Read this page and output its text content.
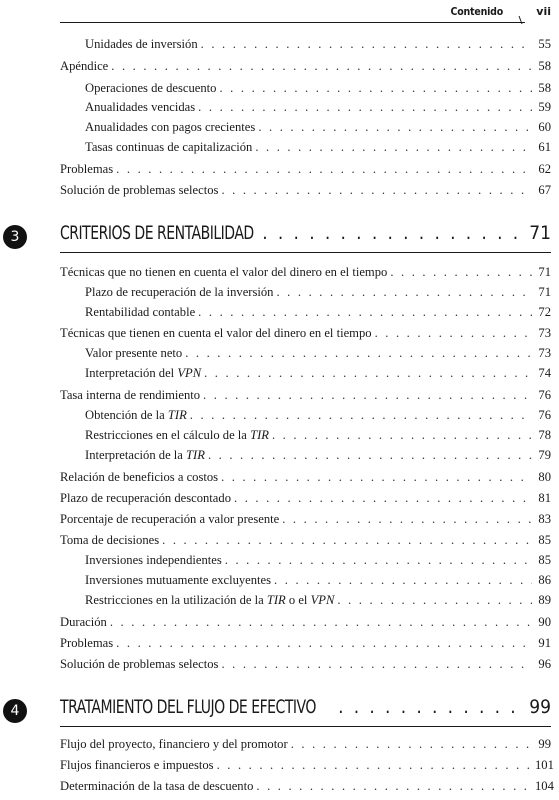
Contenido	vii
Unidades de inversión . . .	55
Apéndice . . .	58
Operaciones de descuento . . .	58
Anualidades vencidas . . .	59
Anualidades con pagos crecientes . . .	60
Tasas continuas de capitalización . . .	61
Problemas . . .	62
Solución de problemas selectos . . .	67
3	CRITERIOS DE RENTABILIDAD . . .	71
Técnicas que no tienen en cuenta el valor del dinero en el tiempo . . .	71
Plazo de recuperación de la inversión . . .	71
Rentabilidad contable . . .	72
Técnicas que tienen en cuenta el valor del dinero en el tiempo . . .	73
Valor presente neto . . .	73
Interpretación del VPN . . .	74
Tasa interna de rendimiento . . .	76
Obtención de la TIR . . .	76
Restricciones en el cálculo de la TIR . . .	78
Interpretación de la TIR . . .	79
Relación de beneficios a costos . . .	80
Plazo de recuperación descontado . . .	81
Porcentaje de recuperación a valor presente . . .	83
Toma de decisiones . . .	85
Inversiones independientes . . .	85
Inversiones mutuamente excluyentes . . .	86
Restricciones en la utilización de la TIR o el VPN . . .	89
Duración . . .	90
Problemas . . .	91
Solución de problemas selectos . . .	96
4	TRATAMIENTO DEL FLUJO DE EFECTIVO . . .	99
Flujo del proyecto, financiero y del promotor . . .	99
Flujos financieros e impuestos . . .	101
Determinación de la tasa de descuento . . .	104
